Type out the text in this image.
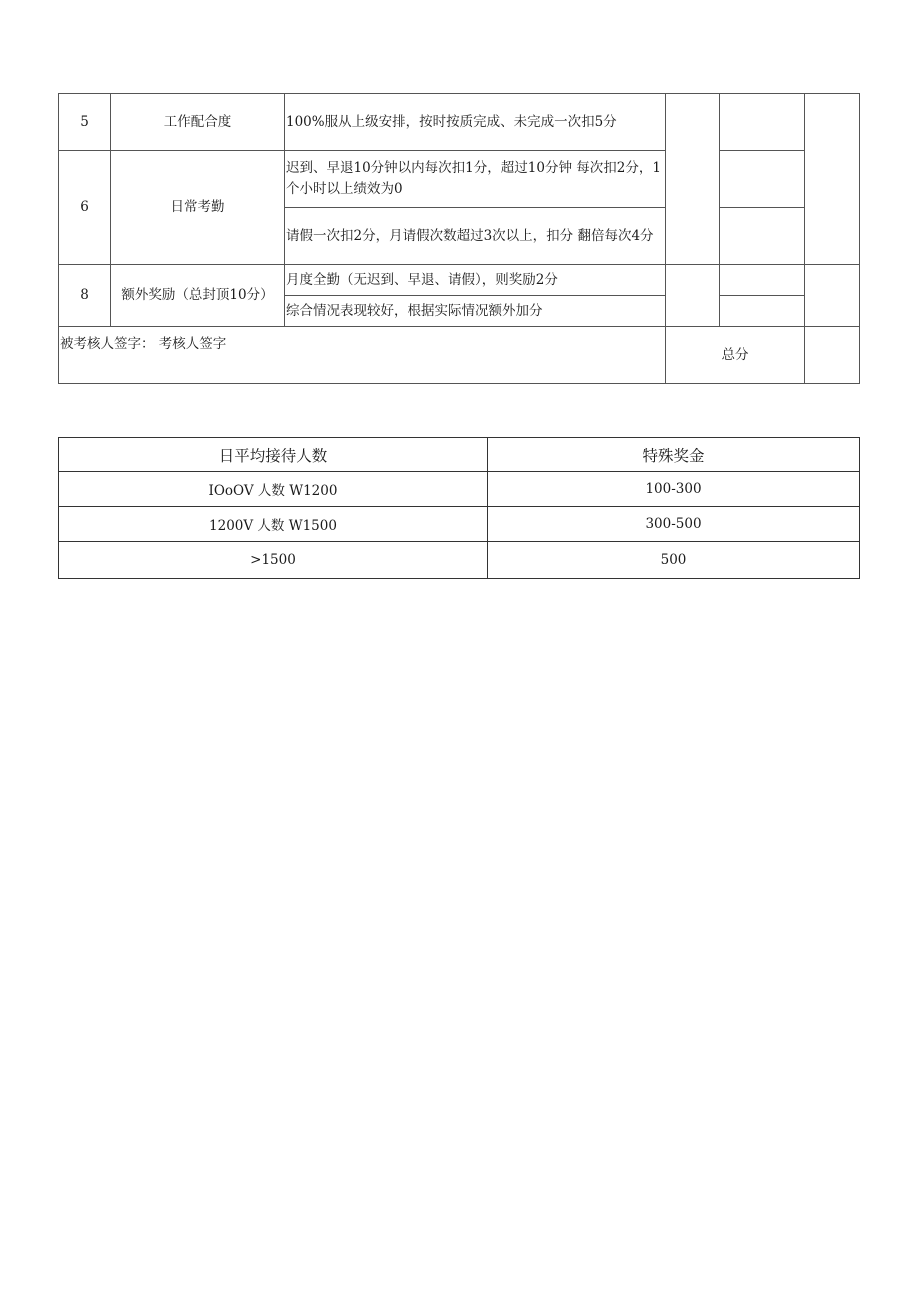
5	工作配合度	100%服从上级安排，按时按质完成、未完成一次扣5分			
6	日常考勤	迟到、早退10分钟以内每次扣1分，超过10分钟 每次扣2分，1个小时以上绩效为0			
		请假一次扣2分，月请假次数超过3次以上，扣分 翻倍每次4分			
8	额外奖励（总封顶10分）	月度全勤（无迟到、早退、请假），则奖励2分			
		综合情况表现较好，根据实际情况额外加分			
被考核人签字： 考核人签字			总分		
日平均接待人数	特殊奖金
IOoOV 人数 W1200	100-300
1200V 人数 W1500	300-500
>1500	500
